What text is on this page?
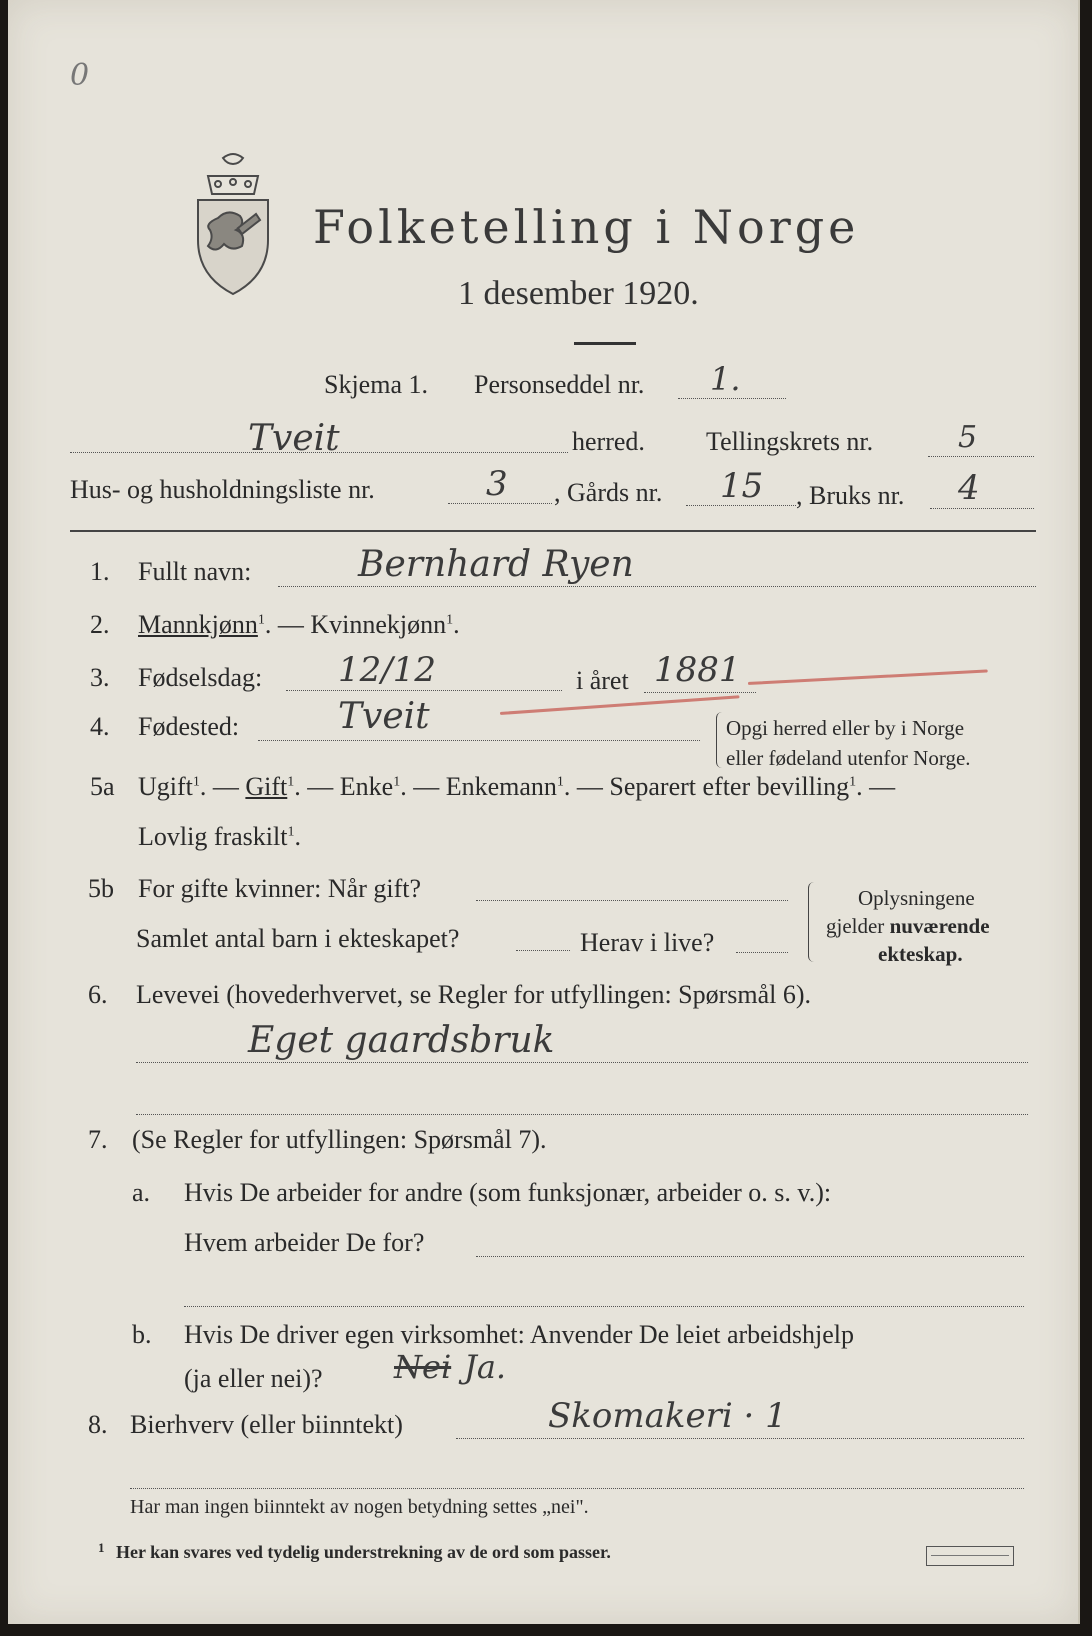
0
Folketelling i Norge
1 desember 1920.
Skjema 1. Personseddel nr. 1.
Tveit	herred. Tellingskrets nr.	5
Hus- og husholdningsliste nr.	3 , Gårds nr. 15 , Bruks nr. 4
1. Fullt navn:	Bernhard Ryen
2. Mannkjønn$^1$. — Kvinnekjønn$^1$.
3. Fødselsdag: 12/12	i året 1881
4. Fødested:	Tveit	Opgi herred eller by i Norge
eller fødeland utenfor Norge.
5a Ugift$^1$. — Gift$^1$. — Enke$^1$. — Enkemann$^1$. — Separert efter bevilling$^1$. —
Lovlig fraskilt$^1$.
5b For gifte kvinner: Når gift?
Samlet antal barn i ekteskapet?	Herav i live?
Oplysningene
gjelder nuværende
ekteskap.
6. Levevei (hovederhvervet, se Regler for utfyllingen: Spørsmål 6).
Eget gaardsbruk
7. (Se Regler for utfyllingen: Spørsmål 7).
a. Hvis De arbeider for andre (som funksjonær, arbeider o. s. v.):
Hvem arbeider De for?
b. Hvis De driver egen virksomhet: Anvender De leiet arbeidshjelp
(ja eller nei)? Nei Ja.
8. Bierhverv (eller biinntekt)	Skomakeri · 1
Har man ingen biinntekt av nogen betydning settes „nei".
1 Her kan svares ved tydelig understrekning av de ord som passer.
